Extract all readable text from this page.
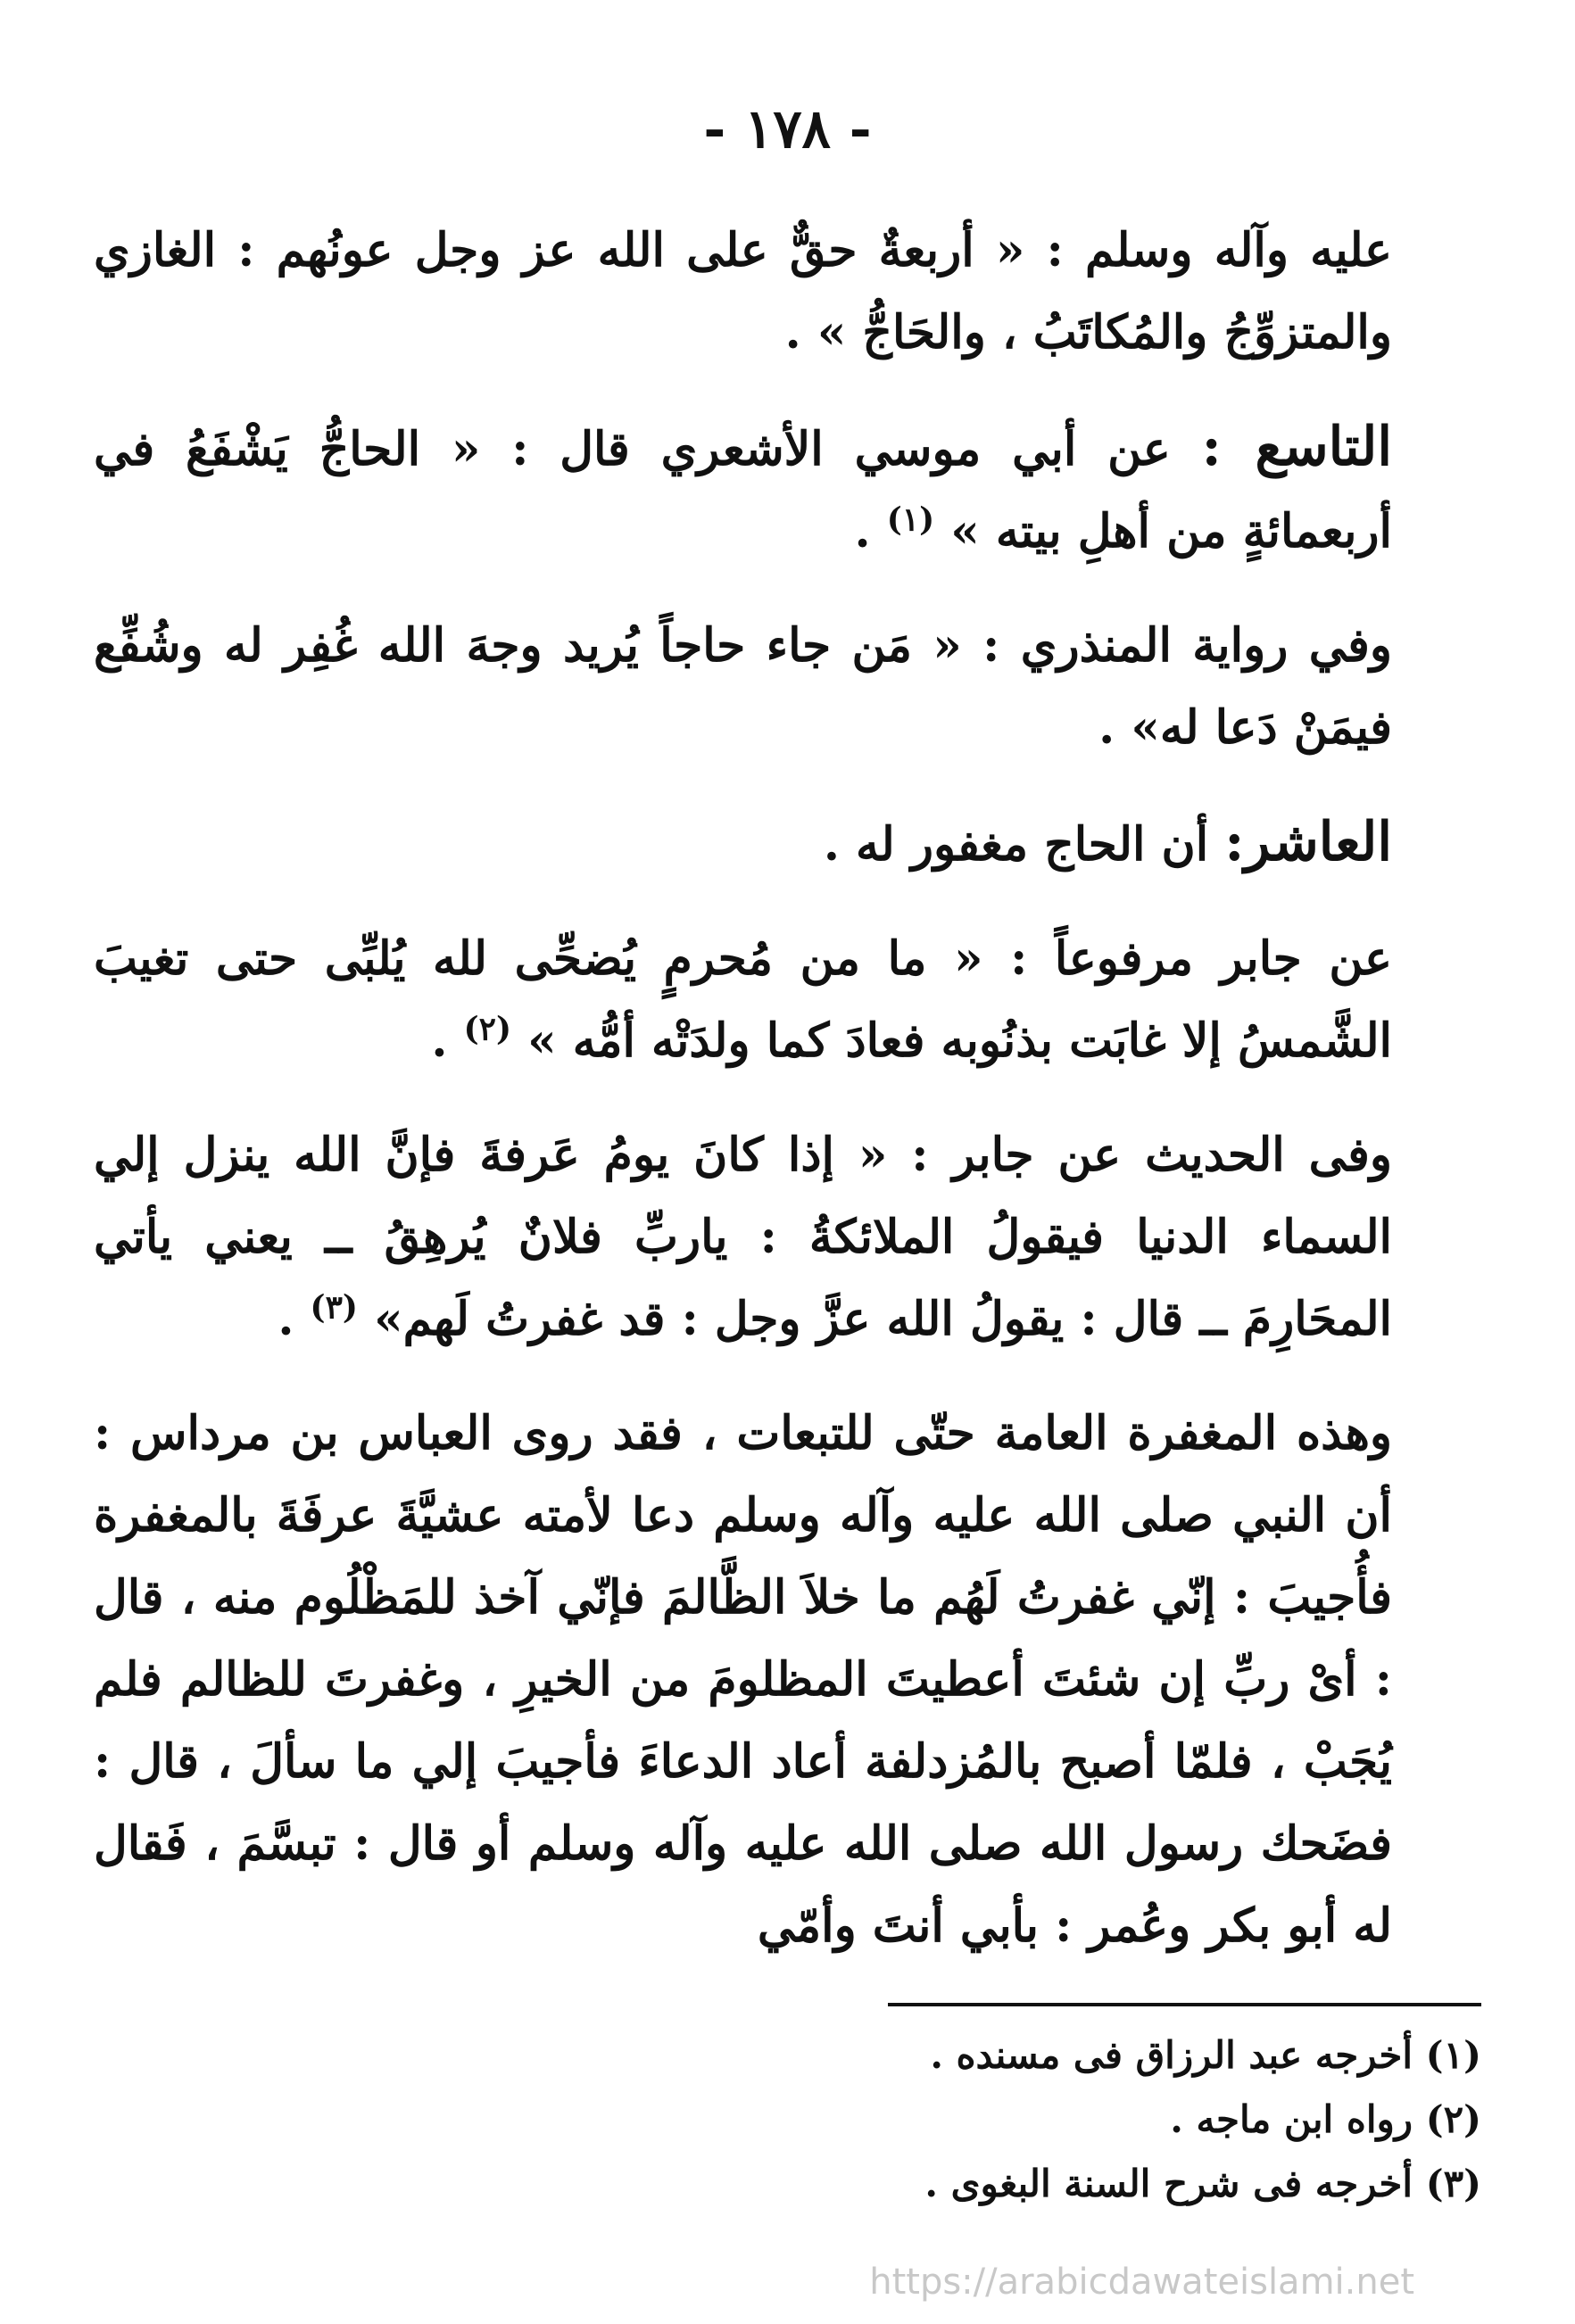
- ١٧٨ -

عليه وآله وسلم : « أربعةٌ حقٌّ على الله عز وجل عونُهم : الغازي والمتزوِّجُ والمُكاتَبُ ، والحَاجُّ » .

التاسع : عن أبي موسي الأشعري قال : « الحاجُّ يَشْفَعُ في أربعمائةٍ من أهلِ بيته » $^{(١)}$ .

وفي رواية المنذري : « مَن جاء حاجاً يُريد وجهَ الله غُفِر له وشُفِّع فيمَنْ دَعا له» .

العاشر: أن الحاج مغفور له .

عن جابر مرفوعاً : « ما من مُحرمٍ يُضحِّى لله يُلبِّى حتى تغيبَ الشَّمسُ إلا غابَت بذنُوبه فعادَ كما ولدَتْه أمُّه » $^{(٢)}$ .

وفى الحديث عن جابر : « إذا كانَ يومُ عَرفةَ فإنَّ الله ينزل إلي السماء الدنيا فيقولُ الملائكةُ : ياربِّ فلانٌ يُرهِقُ ــ يعني يأتي المحَارِمَ ــ قال : يقولُ الله عزَّ وجل : قد غفرتُ لَهم» $^{(٣)}$ .

وهذه المغفرة العامة حتّى للتبعات ، فقد روى العباس بن مرداس : أن النبي صلى الله عليه وآله وسلم دعا لأمته عشيَّةَ عرفَةَ بالمغفرة فأُجيبَ : إنّي غفرتُ لَهُم ما خلاَ الظَّالمَ فإنّي آخذ للمَظْلُوم منه ، قال : أىْ ربِّ إن شئتَ أعطيتَ المظلومَ من الخيرِ ، وغفرتَ للظالم فلم يُجَبْ ، فلمّا أصبح بالمُزدلفة أعاد الدعاءَ فأجيبَ إلي ما سألَ ، قال : فضَحك رسول الله صلى الله عليه وآله وسلم أو قال : تبسَّمَ ، فَقال له أبو بكر وعُمر : بأبي أنتَ وأمّي

(١) أخرجه عبد الرزاق فى مسنده .
(٢) رواه ابن ماجه .
(٣) أخرجه فى شرح السنة البغوى .
https://arabicdawateislami.net
